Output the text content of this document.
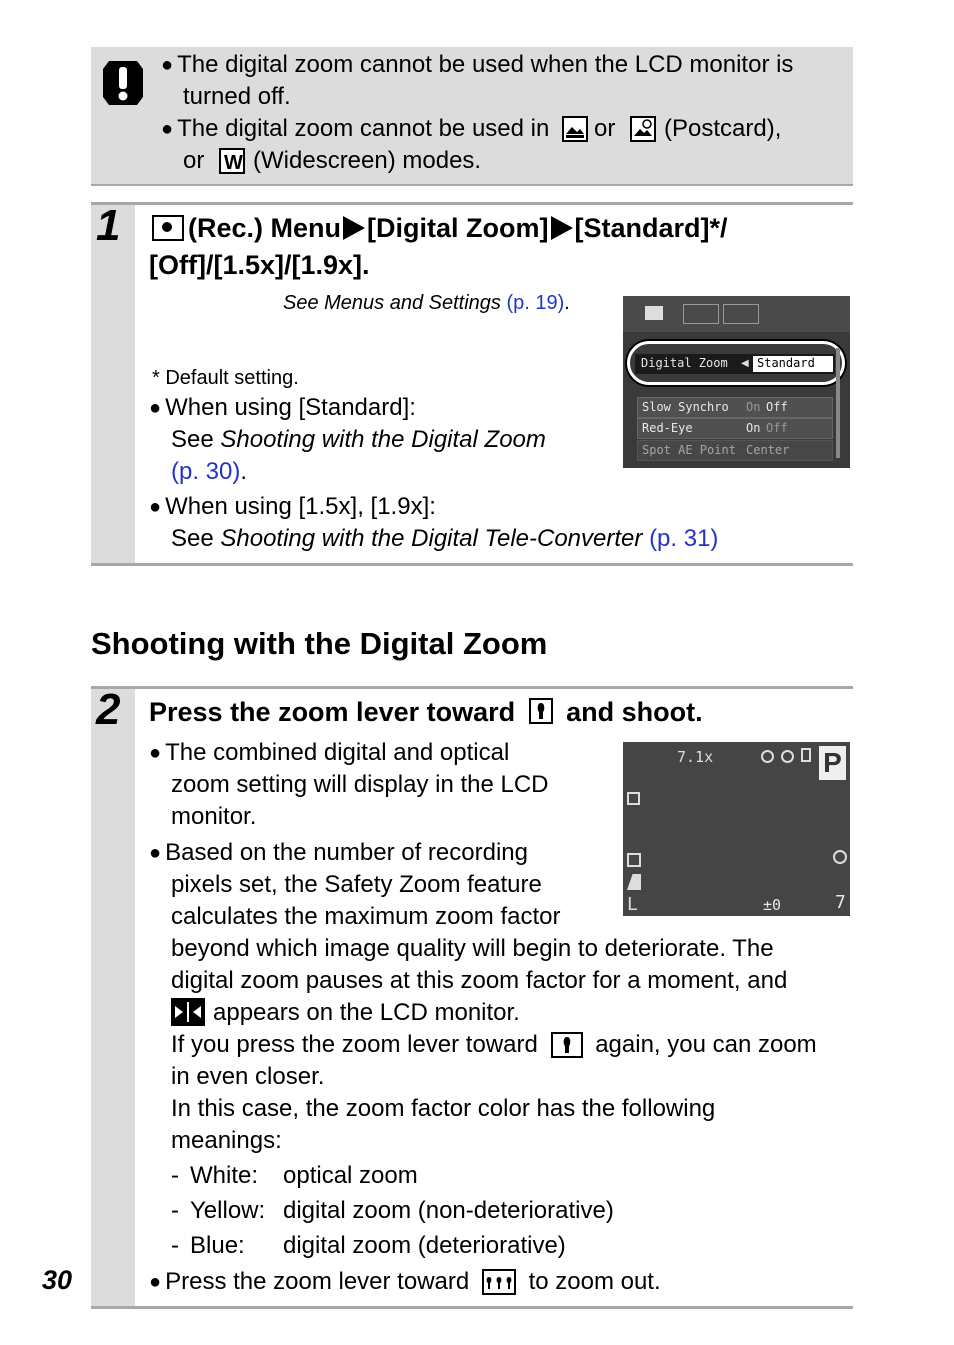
● The digital zoom cannot be used when the LCD monitor is
turned off.
● The digital zoom cannot be used in or (Postcard),
or W (Widescreen) modes.
1	(Rec.) Menu [Digital Zoom] [Standard]*/
[Off]/[1.5x]/[1.9x].
See Menus and Settings (p. 19).
* Default setting.
● When using [Standard]:
See Shooting with the Digital Zoom
(p. 30).
● When using [1.5x], [1.9x]:
See Shooting with the Digital Tele-Converter (p. 31)
Digital Zoom ◀ Standard
Slow Synchro On Off
Red-Eye	On Off
Spot AE Point Center
Shooting with the Digital Zoom
2 Press the zoom lever toward and shoot.
● The combined digital and optical
zoom setting will display in the LCD
monitor.
● Based on the number of recording
pixels set, the Safety Zoom feature
calculates the maximum zoom factor
beyond which image quality will begin to deteriorate. The
digital zoom pauses at this zoom factor for a moment, and
appears on the LCD monitor.
If you press the zoom lever toward again, you can zoom
in even closer.
In this case, the zoom factor color has the following
meanings:
- White: optical zoom
- Yellow: digital zoom (non-deteriorative)
- Blue: digital zoom (deteriorative)
● Press the zoom lever toward to zoom out.
7.1x	P
L	±0	7
30
